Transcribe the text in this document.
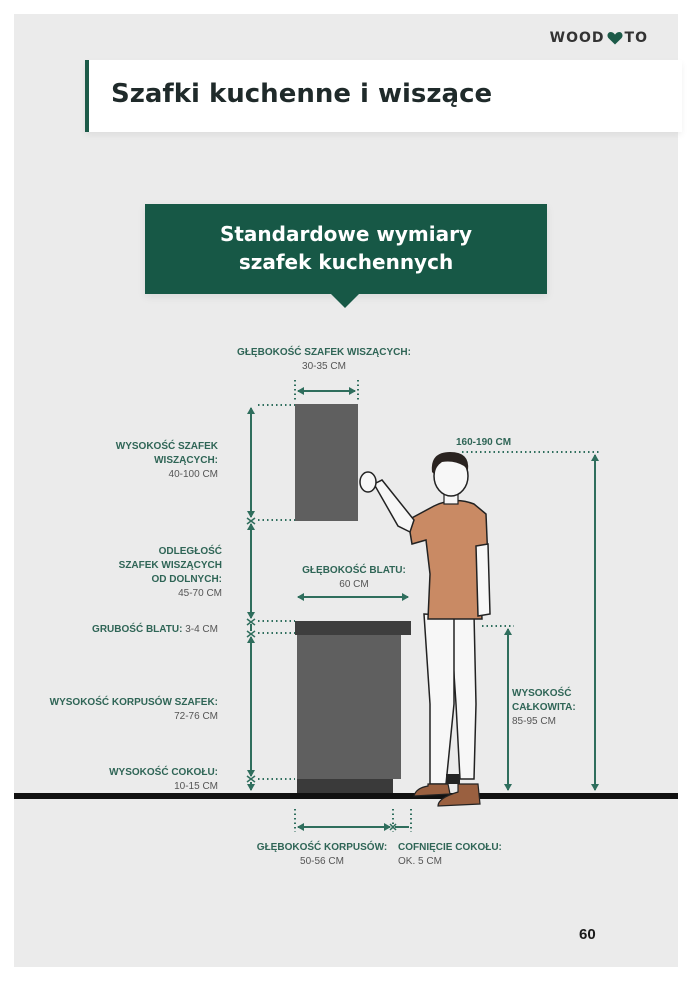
WOOD TO
Szafki kuchenne i wiszące
Standardowe wymiary
szafek kuchennych
GŁĘBOKOŚĆ SZAFEK WISZĄCYCH:
30-35 CM
WYSOKOŚĆ SZAFEK
WISZĄCYCH:
40-100 CM
ODLEGŁOŚĆ
SZAFEK WISZĄCYCH
OD DOLNYCH:
45-70 CM
GRUBOŚĆ BLATU: 3-4 CM
GŁĘBOKOŚĆ BLATU:
60 CM
WYSOKOŚĆ KORPUSÓW SZAFEK:
72-76 CM
WYSOKOŚĆ COKOŁU:
10-15 CM
160-190 CM
WYSOKOŚĆ
CAŁKOWITA:
85-95 CM
GŁĘBOKOŚĆ KORPUSÓW:
50-56 CM
COFNIĘCIE COKOŁU:
OK. 5 CM
60
